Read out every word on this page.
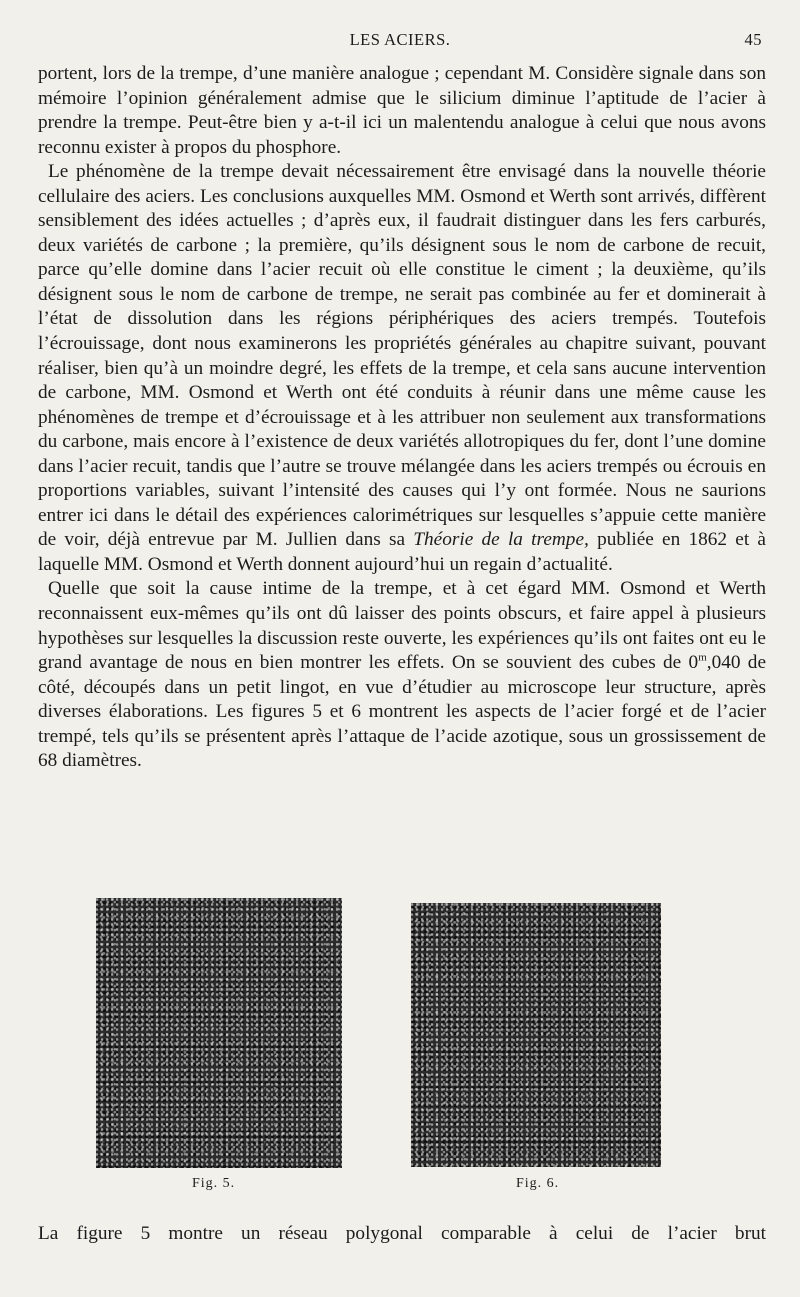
LES ACIERS.	45

portent, lors de la trempe, d’une manière analogue ; cependant M. Considère signale dans son mémoire l’opinion généralement admise que le silicium diminue l’aptitude de l’acier à prendre la trempe. Peut-être bien y a-t-il ici un malentendu analogue à celui que nous avons reconnu exister à propos du phosphore.

Le phénomène de la trempe devait nécessairement être envisagé dans la nouvelle théorie cellulaire des aciers. Les conclusions auxquelles MM. Osmond et Werth sont arrivés, diffèrent sensiblement des idées actuelles ; d’après eux, il faudrait distinguer dans les fers carburés, deux variétés de carbone ; la première, qu’ils désignent sous le nom de carbone de recuit, parce qu’elle domine dans l’acier recuit où elle constitue le ciment ; la deuxième, qu’ils désignent sous le nom de carbone de trempe, ne serait pas combinée au fer et dominerait à l’état de dissolution dans les régions périphériques des aciers trempés. Toutefois l’écrouissage, dont nous examinerons les propriétés générales au chapitre suivant, pouvant réaliser, bien qu’à un moindre degré, les effets de la trempe, et cela sans aucune intervention de carbone, MM. Osmond et Werth ont été conduits à réunir dans une même cause les phénomènes de trempe et d’écrouissage et à les attribuer non seulement aux transformations du carbone, mais encore à l’existence de deux variétés allotropiques du fer, dont l’une domine dans l’acier recuit, tandis que l’autre se trouve mélangée dans les aciers trempés ou écrouis en proportions variables, suivant l’intensité des causes qui l’y ont formée. Nous ne saurions entrer ici dans le détail des expériences calorimétriques sur lesquelles s’appuie cette manière de voir, déjà entrevue par M. Jullien dans sa Théorie de la trempe, publiée en 1862 et à laquelle MM. Osmond et Werth donnent aujourd’hui un regain d’actualité.

Quelle que soit la cause intime de la trempe, et à cet égard MM. Osmond et Werth reconnaissent eux-mêmes qu’ils ont dû laisser des points obscurs, et faire appel à plusieurs hypothèses sur lesquelles la discussion reste ouverte, les expériences qu’ils ont faites ont eu le grand avantage de nous en bien montrer les effets. On se souvient des cubes de 0$^m$,040 de côté, découpés dans un petit lingot, en vue d’étudier au microscope leur structure, après diverses élaborations. Les figures 5 et 6 montrent les aspects de l’acier forgé et de l’acier trempé, tels qu’ils se présentent après l’attaque de l’acide azotique, sous un grossissement de 68 diamètres.

Fig. 5.	Fig. 6.
La figure 5 montre un réseau polygonal comparable à celui de l’acier brut
